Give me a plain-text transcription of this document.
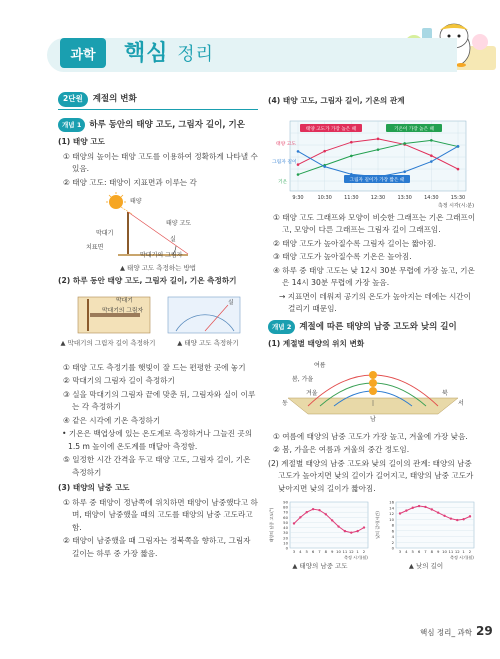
과학	핵심 정리
2단원	계절의 변화
개념 1 하루 동안의 태양 고도, 그림자 길이, 기온
(1) 태양 고도
① 태양의 높이는 태양 고도를 이용하여 정확하게 나타낼 수 있음.
② 태양 고도: 태양이 지표면과 이루는 각
태양
태양 고도
막대기
실
치표면
막대기의 그림자
▲ 태양 고도 측정하는 방법
(2) 하루 동안 태양 고도, 그림자 길이, 기온 측정하기
막대기
막대기의 그림자
실
▲ 막대기의 그림자 길이 측정하기	▲ 태양 고도 측정하기
① 태양 고도 측정기를 햇빛이 잘 드는 편평한 곳에 놓기
② 막대기의 그림자 길이 측정하기
③ 실을 막대기의 그림자 끝에 맞춘 뒤, 그림자와 실이 이루는 각 측정하기
④ 같은 시각에 기온 측정하기
• 기온은 백엽상에 있는 온도계로 측정하거나 그늘진 곳의 1.5 m 높이에 온도계를 매달아 측정함.
⑤ 일정한 시간 간격을 두고 태양 고도, 그림자 길이, 기온 측정하기
(3) 태양의 남중 고도
① 하루 중 태양이 정남쪽에 위치하면 태양이 남중했다고 하며, 태양이 남중했을 때의 고도를 태양의 남중 고도라고 함.
② 태양이 남중했을 때 그림자는 정북쪽을 향하고, 그림자 길이는 하루 중 가장 짧음.
(4) 태양 고도, 그림자 길이, 기온의 관계
9:30	10:30 11:30 12:30 13:30 14:30 15:30
측정 시각(시:분)
태양 고도가 가장 높은 때	기온이 가장 높은 때
그림자 길이가 가장 짧은 때
태양 고도
그림자 길이
기온
① 태양 고도 그래프와 모양이 비슷한 그래프는 기온 그래프이고, 모양이 다른 그래프는 그림자 길이 그래프임.
② 태양 고도가 높아질수록 그림자 길이는 짧아짐.
③ 태양 고도가 높아질수록 기온은 높아짐.
④ 하루 중 태양 고도는 낮 12시 30분 무렵에 가장 높고, 기온은 14시 30분 무렵에 가장 높음.
→ 지표면이 데워져 공기의 온도가 높아지는 데에는 시간이 걸리기 때문임.
개념 2 계절에 따른 태양의 남중 고도와 낮의 길이
(1) 계절별 태양의 위치 변화
여름
봄, 가을
겨울
동	서
남
북
① 여름에 태양의 남중 고도가 가장 높고, 겨울에 가장 낮음.
② 봄, 가을은 여름과 겨울의 중간 정도임.
(2) 계절별 태양의 남중 고도와 낮의 길이의 관계: 태양의 남중 고도가 높아지면 낮의 길이가 길어지고, 태양의 남중 고도가 낮아지면 낮의 길이가 짧아짐.
0
10
20
30
40
50
60
70
80
90
3 4 5 6 7 8 9 10 11 12 1 2
측정 시기(월)
태양의 남중 고도(°)
0
2
4
6
8
10
12
14
16
3 4 5 6 7 8 9 10 11 12 1 2
측정 시기(월)
낮의 길이(시간)
▲ 태양의 남중 고도	▲ 낮의 길이
핵심 정리_ 과학 29
